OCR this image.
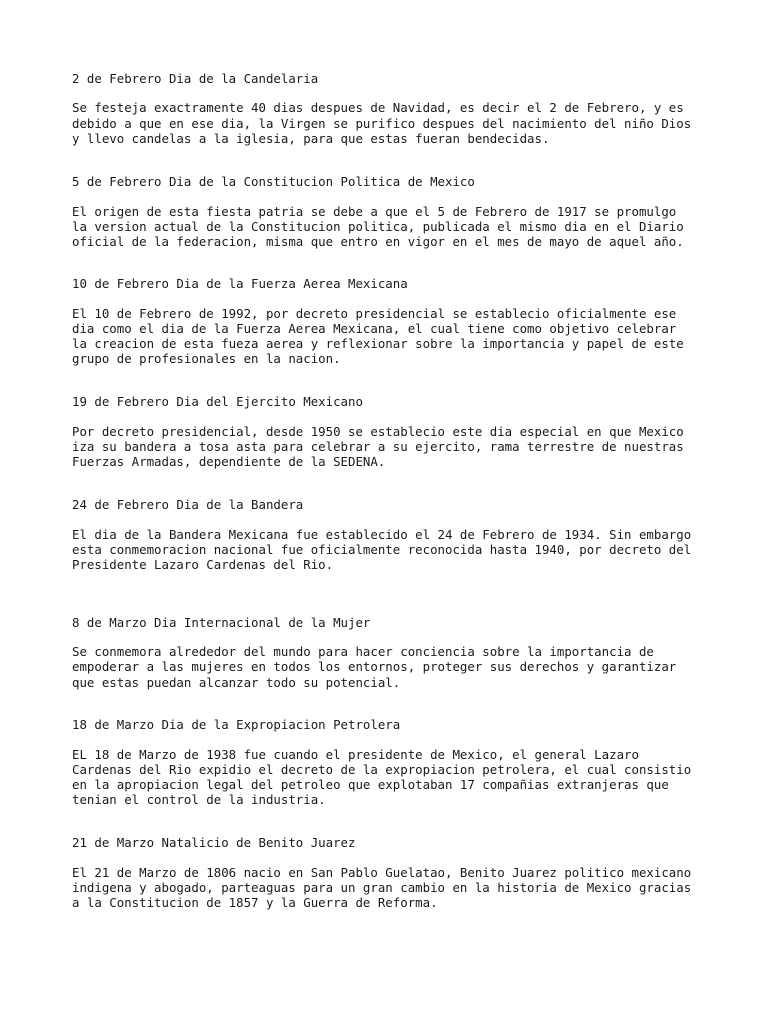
2 de Febrero Dia de la Candelaria

Se festeja exactramente 40 dias despues de Navidad, es decir el 2 de Febrero, y es

debido a que en ese dia, la Virgen se purifico despues del nacimiento del niño Dios

y llevo candelas a la iglesia, para que estas fueran bendecidas.

5 de Febrero Dia de la Constitucion Politica de Mexico

El origen de esta fiesta patria se debe a que el 5 de Febrero de 1917 se promulgo

la version actual de la Constitucion politica, publicada el mismo dia en el Diario

oficial de la federacion, misma que entro en vigor en el mes de mayo de aquel año.

10 de Febrero Dia de la Fuerza Aerea Mexicana

El 10 de Febrero de 1992, por decreto presidencial se establecio oficialmente ese

dia como el dia de la Fuerza Aerea Mexicana, el cual tiene como objetivo celebrar

la creacion de esta fueza aerea y reflexionar sobre la importancia y papel de este

grupo de profesionales en la nacion.

19 de Febrero Dia del Ejercito Mexicano

Por decreto presidencial, desde 1950 se establecio este dia especial en que Mexico

iza su bandera a tosa asta para celebrar a su ejercito, rama terrestre de nuestras

Fuerzas Armadas, dependiente de la SEDENA.

24 de Febrero Dia de la Bandera

El dia de la Bandera Mexicana fue establecido el 24 de Febrero de 1934. Sin embargo

esta conmemoracion nacional fue oficialmente reconocida hasta 1940, por decreto del

Presidente Lazaro Cardenas del Rio.

8 de Marzo Dia Internacional de la Mujer

Se conmemora alrededor del mundo para hacer conciencia sobre la importancia de

empoderar a las mujeres en todos los entornos, proteger sus derechos y garantizar

que estas puedan alcanzar todo su potencial.

18 de Marzo Dia de la Expropiacion Petrolera

EL 18 de Marzo de 1938 fue cuando el presidente de Mexico, el general Lazaro

Cardenas del Rio expidio el decreto de la expropiacion petrolera, el cual consistio

en la apropiacion legal del petroleo que explotaban 17 compañias extranjeras que

tenian el control de la industria.

21 de Marzo Natalicio de Benito Juarez

El 21 de Marzo de 1806 nacio en San Pablo Guelatao, Benito Juarez politico mexicano

indigena y abogado, parteaguas para un gran cambio en la historia de Mexico gracias

a la Constitucion de 1857 y la Guerra de Reforma.
